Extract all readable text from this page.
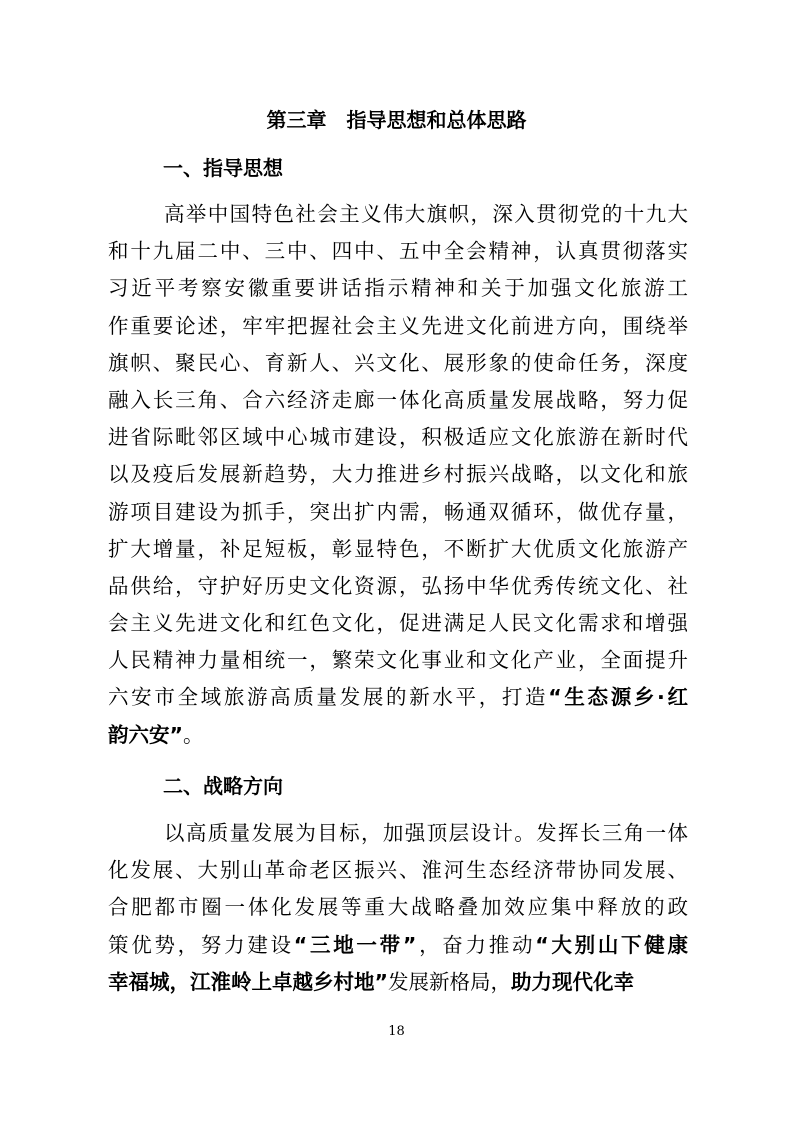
第三章　指导思想和总体思路
一、指导思想
高举中国特色社会主义伟大旗帜，深入贯彻党的十九大
和十九届二中、三中、四中、五中全会精神，认真贯彻落实
习近平考察安徽重要讲话指示精神和关于加强文化旅游工
作重要论述，牢牢把握社会主义先进文化前进方向，围绕举
旗帜、聚民心、育新人、兴文化、展形象的使命任务，深度
融入长三角、合六经济走廊一体化高质量发展战略，努力促
进省际毗邻区域中心城市建设，积极适应文化旅游在新时代
以及疫后发展新趋势，大力推进乡村振兴战略，以文化和旅
游项目建设为抓手，突出扩内需，畅通双循环，做优存量，
扩大增量，补足短板，彰显特色，不断扩大优质文化旅游产
品供给，守护好历史文化资源，弘扬中华优秀传统文化、社
会主义先进文化和红色文化，促进满足人民文化需求和增强
人民精神力量相统一，繁荣文化事业和文化产业，全面提升
六安市全域旅游高质量发展的新水平，打造“生态源乡·红
韵六安”。
二、战略方向
以高质量发展为目标，加强顶层设计。发挥长三角一体
化发展、大别山革命老区振兴、淮河生态经济带协同发展、
合肥都市圈一体化发展等重大战略叠加效应集中释放的政
策优势，努力建设“三地一带”，奋力推动“大别山下健康
幸福城，江淮岭上卓越乡村地”发展新格局，助力现代化幸
18
